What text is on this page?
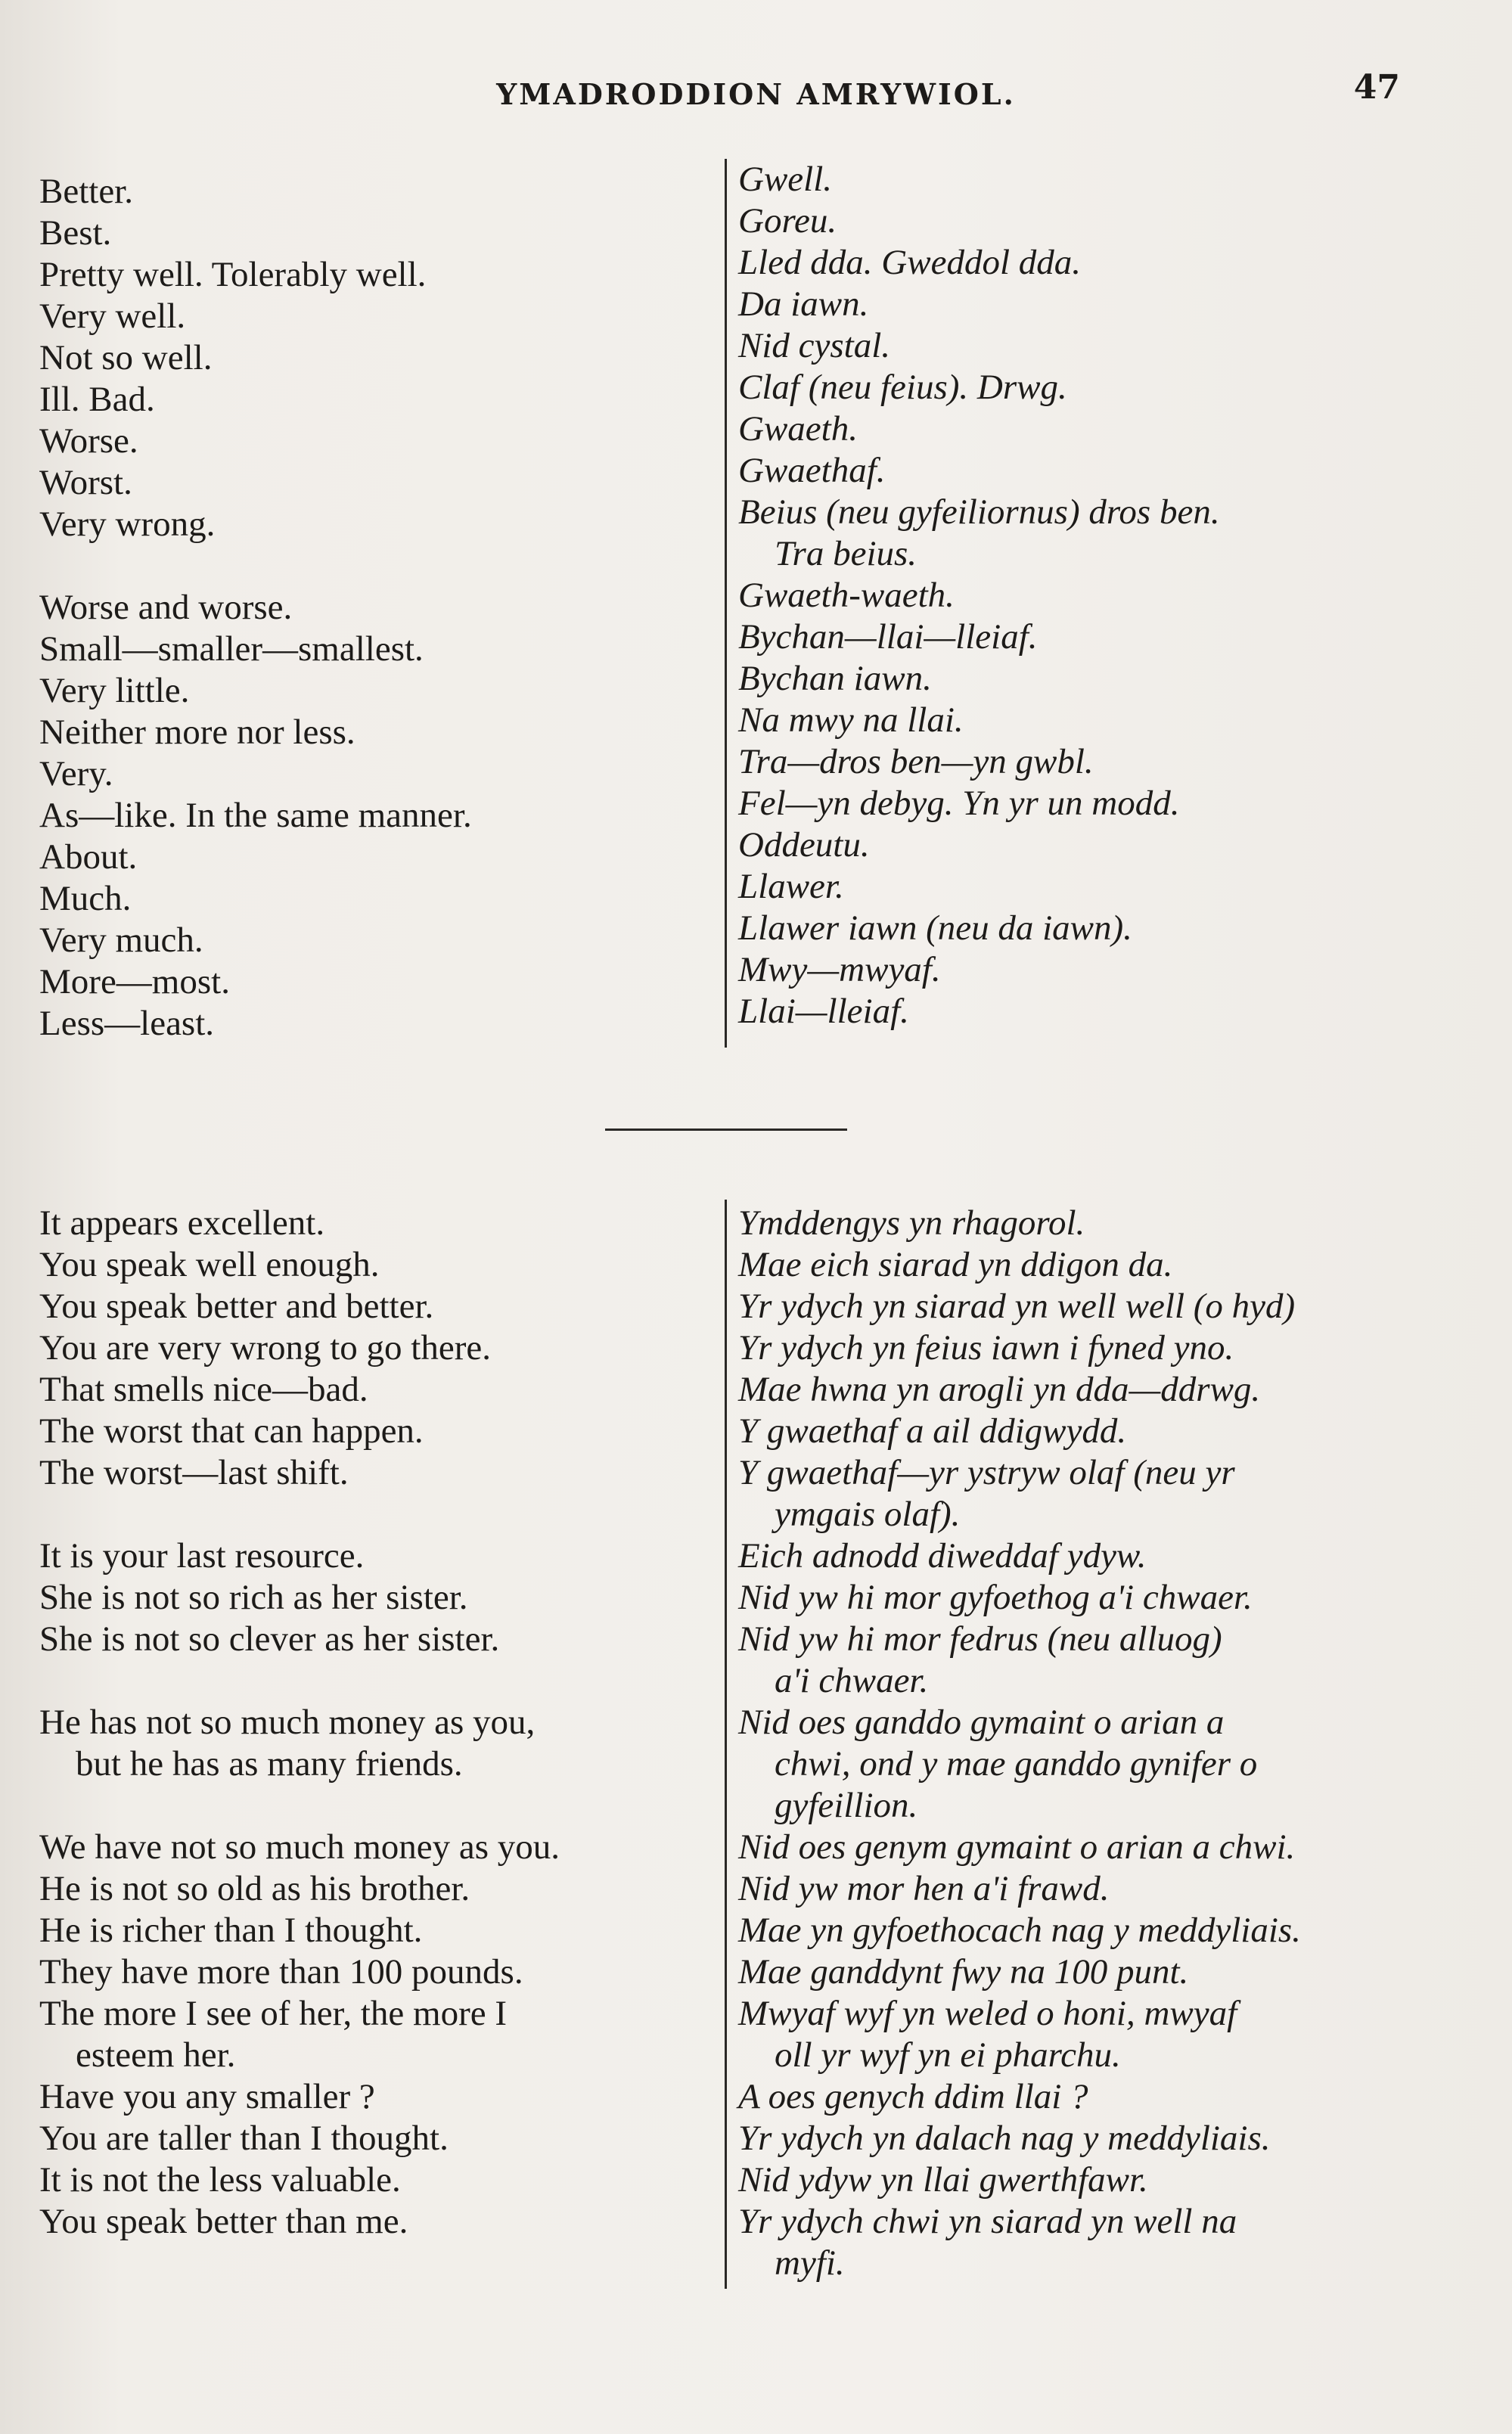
YMADRODDION AMRYWIOL.	47
Better.
Best.
Pretty well. Tolerably well.
Very well.
Not so well.
Ill. Bad.
Worse.
Worst.
Very wrong.

Worse and worse.
Small—smaller—smallest.
Very little.
Neither more nor less.
Very.
As—like. In the same manner.
About.
Much.
Very much.
More—most.
Less—least.
Gwell.
Goreu.
Lled dda. Gweddol dda.
Da iawn.
Nid cystal.
Claf (neu feius). Drwg.
Gwaeth.
Gwaethaf.
Beius (neu gyfeiliornus) dros ben.
Tra beius.
Gwaeth-waeth.
Bychan—llai—lleiaf.
Bychan iawn.
Na mwy na llai.
Tra—dros ben—yn gwbl.
Fel—yn debyg. Yn yr un modd.
Oddeutu.
Llawer.
Llawer iawn (neu da iawn).
Mwy—mwyaf.
Llai—lleiaf.
It appears excellent.
You speak well enough.
You speak better and better.
You are very wrong to go there.
That smells nice—bad.
The worst that can happen.
The worst—last shift.

It is your last resource.
She is not so rich as her sister.
She is not so clever as her sister.

He has not so much money as you,
but he has as many friends.

We have not so much money as you.
He is not so old as his brother.
He is richer than I thought.
They have more than 100 pounds.
The more I see of her, the more I
esteem her.
Have you any smaller ?
You are taller than I thought.
It is not the less valuable.
You speak better than me.
Ymddengys yn rhagorol.
Mae eich siarad yn ddigon da.
Yr ydych yn siarad yn well well (o hyd)
Yr ydych yn feius iawn i fyned yno.
Mae hwna yn arogli yn dda—ddrwg.
Y gwaethaf a ail ddigwydd.
Y gwaethaf—yr ystryw olaf (neu yr
ymgais olaf).
Eich adnodd diweddaf ydyw.
Nid yw hi mor gyfoethog a'i chwaer.
Nid yw hi mor fedrus (neu alluog)
a'i chwaer.
Nid oes ganddo gymaint o arian a
chwi, ond y mae ganddo gynifer o
gyfeillion.
Nid oes genym gymaint o arian a chwi.
Nid yw mor hen a'i frawd.
Mae yn gyfoethocach nag y meddyliais.
Mae ganddynt fwy na 100 punt.
Mwyaf wyf yn weled o honi, mwyaf
oll yr wyf yn ei pharchu.
A oes genych ddim llai ?
Yr ydych yn dalach nag y meddyliais.
Nid ydyw yn llai gwerthfawr.
Yr ydych chwi yn siarad yn well na
myfi.
